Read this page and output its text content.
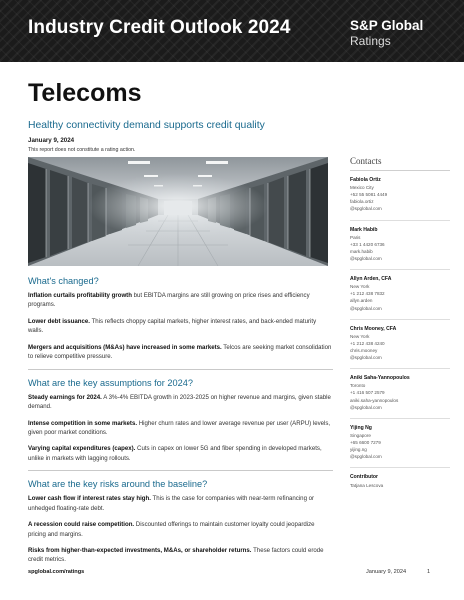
Industry Credit Outlook 2024	S&P Global
Ratings
Telecoms
Healthy connectivity demand supports credit quality
January 9, 2024
This report does not constitute a rating action.
What's changed?
Inflation curtails profitability growth but EBITDA margins are still growing on price rises and efficiency programs.
Lower debt issuance. This reflects choppy capital markets, higher interest rates, and back-ended maturity walls.
Mergers and acquisitions (M&As) have increased in some markets. Telcos are seeking market consolidation to relieve competitive pressure.
What are the key assumptions for 2024?
Steady earnings for 2024. A 3%-4% EBITDA growth in 2023-2025 on higher revenue and margins, given stable demand.
Intense competition in some markets. Higher churn rates and lower average revenue per user (ARPU) levels, given poor market conditions.
Varying capital expenditures (capex). Cuts in capex on lower 5G and fiber spending in developed markets, unlike in markets with lagging rollouts.
What are the key risks around the baseline?
Lower cash flow if interest rates stay high. This is the case for companies with near-term refinancing or unhedged floating-rate debt.
A recession could raise competition. Discounted offerings to maintain customer loyalty could jeopardize pricing and margins.
Risks from higher-than-expected investments, M&As, or shareholder returns. These factors could erode credit metrics.
Contacts
Fabiola Ortiz
Mexico City
+52 55 5081 4449
fabiola.ortiz
@spglobal.com
Mark Habib
Paris
+33 1 4420 6736
mark.habib
@spglobal.com
Allyn Arden, CFA
New York
+1 212 438 7832
allyn.arden
@spglobal.com
Chris Mooney, CFA
New York
+1 212 438 4240
chris.mooney
@spglobal.com
Aniki Saha-Yannopoulos
Toronto
+1 416 507 2579
aniki.saha-yannopoulos
@spglobal.com
Yijing Ng
Singapore
+65 6600 7279
yijing.ng
@spglobal.com
Contributor
Tatjana Lescova
spglobal.com/ratings	January 9, 2024	1
